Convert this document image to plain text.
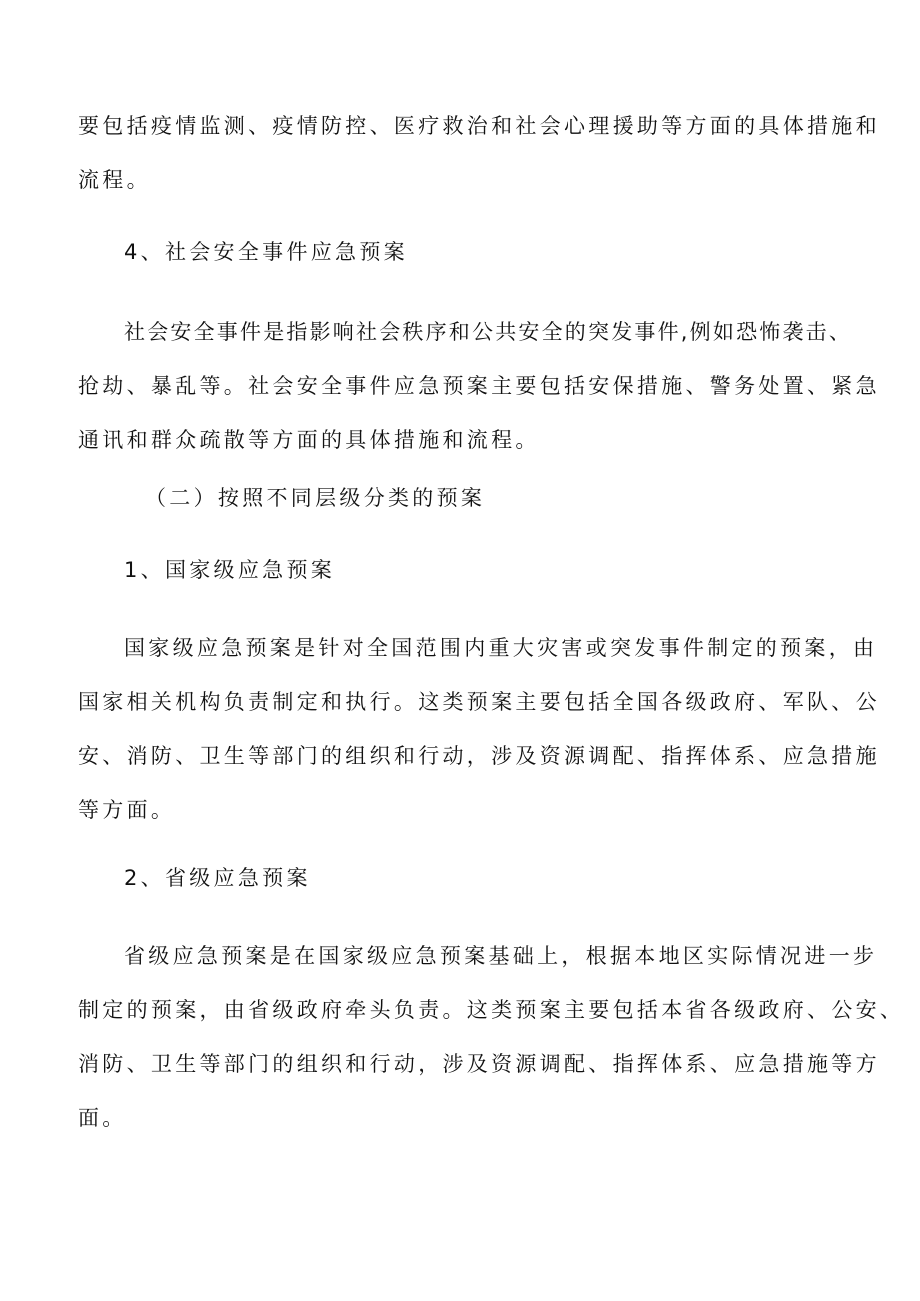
要包括疫情监测、疫情防控、医疗救治和社会心理援助等方面的具体措施和
流程。
4、社会安全事件应急预案
社会安全事件是指影响社会秩序和公共安全的突发事件,例如恐怖袭击、
抢劫、暴乱等。社会安全事件应急预案主要包括安保措施、警务处置、紧急
通讯和群众疏散等方面的具体措施和流程。
（二）按照不同层级分类的预案
1、国家级应急预案
国家级应急预案是针对全国范围内重大灾害或突发事件制定的预案，由
国家相关机构负责制定和执行。这类预案主要包括全国各级政府、军队、公
安、消防、卫生等部门的组织和行动，涉及资源调配、指挥体系、应急措施
等方面。
2、省级应急预案
省级应急预案是在国家级应急预案基础上，根据本地区实际情况进一步
制定的预案，由省级政府牵头负责。这类预案主要包括本省各级政府、公安、
消防、卫生等部门的组织和行动，涉及资源调配、指挥体系、应急措施等方
面。
